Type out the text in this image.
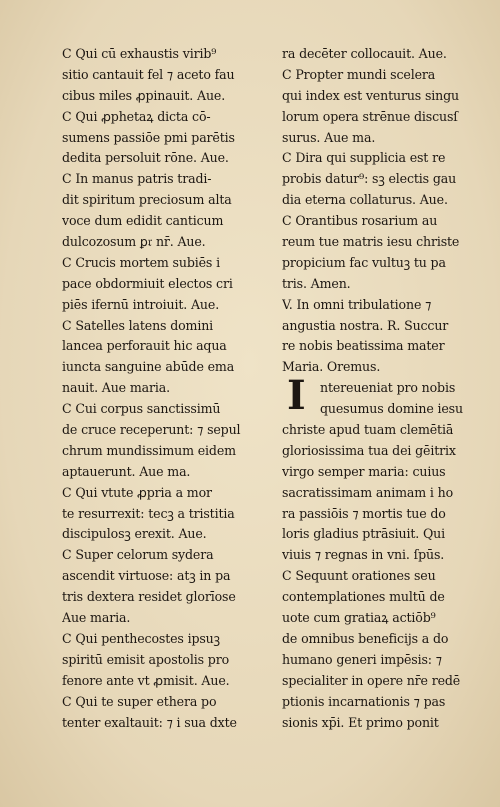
C Qui cū exhaustis virib⁹
sitio cantauit fel ⁊ aceto fau
cibus miles ꝓpinauit. Aue.
C Qui ꝓphetaꝝ dicta cō-
sumens passiōe pmi parētis
dedita persoluit rōne. Aue.
C In manus patris tradi-
dit spiritum preciosum alta
voce dum edidit canticum
dulcozosum ꝑ𝔯 nr̄. Aue.
C Crucis mortem subiēs i
pace obdormiuit electos cri
piēs ifernū introiuit. Aue.
C Satelles latens domini
lancea perforauit hic aqua
iuncta sanguine abūde ema
nauit. Aue maria.
C Cui corpus sanctissimū
de cruce receperunt: ⁊ sepul
chrum mundissimum eidem
aptauerunt. Aue ma.
C Qui vtute ꝓpria a mor
te resurrexit: tecꝫ a tristitia
discipulosꝫ erexit. Aue.
C Super celorum sydera
ascendit virtuose: atꝫ in pa
tris dextera residet glorīose
Aue maria.
C Qui penthecostes ipsuꝫ
spiritū emisit apostolis pro
fenore ante vt ꝓmisit. Aue.
C Qui te super ethera po
tenter exaltauit: ⁊ i sua dxte
I
ra decēter collocauit. Aue.
C Propter mundi scelera
qui index est venturus singu
lorum opera strēnue discusſ
surus. Aue ma.
C Dira qui supplicia est re
probis datur⁹: sꝫ electis gau
dia eterna collaturus. Aue.
C Orantibus rosarium au
reum tue matris iesu christe
propicium fac vultuꝫ tu pa
tris. Amen.
V. In omni tribulatione ⁊
angustia nostra. R. Succur
re nobis beatissima mater
Maria. Oremus.
ntereueniat pro nobis
quesumus domine iesu
christe apud tuam clemētiā
gloriosissima tua dei gēitrix
virgo semper maria: cuius
sacratissimam animam i ho
ra passiōis ⁊ mortis tue do
loris gladius ptrāsiuit. Qui
viuis ⁊ regnas in vni. ſpūs.
C Sequunt orationes seu
contemplationes multū de
uote cum gratiaꝝ actiōb⁹
de omnibus beneficijs a do
humano generi impēsis: ⁊
specialiter in opere nr̄e redē
ptionis incarnationis ⁊ pas
sionis xp̄i. Et primo ponit
